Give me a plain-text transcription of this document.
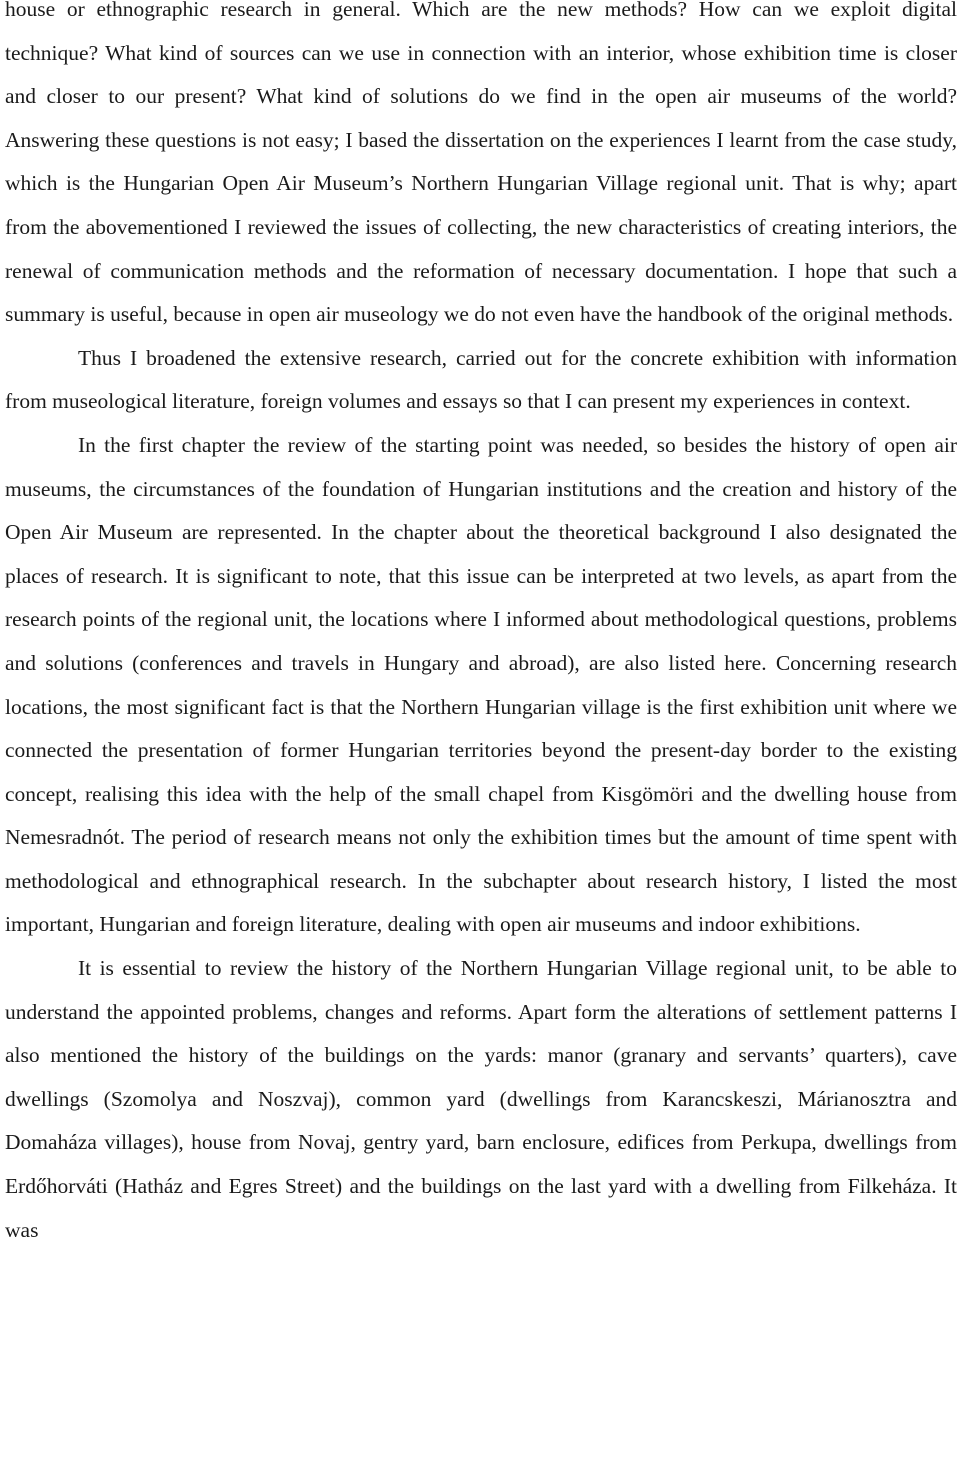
house or ethnographic research in general. Which are the new methods? How can we exploit digital technique? What kind of sources can we use in connection with an interior, whose exhibition time is closer and closer to our present? What kind of solutions do we find in the open air museums of the world? Answering these questions is not easy; I based the dissertation on the experiences I learnt from the case study, which is the Hungarian Open Air Museum’s Northern Hungarian Village regional unit. That is why; apart from the abovementioned I reviewed the issues of collecting, the new characteristics of creating interiors, the renewal of communication methods and the reformation of necessary documentation. I hope that such a summary is useful, because in open air museology we do not even have the handbook of the original methods.

Thus I broadened the extensive research, carried out for the concrete exhibition with information from museological literature, foreign volumes and essays so that I can present my experiences in context.

In the first chapter the review of the starting point was needed, so besides the history of open air museums, the circumstances of the foundation of Hungarian institutions and the creation and history of the Open Air Museum are represented. In the chapter about the theoretical background I also designated the places of research. It is significant to note, that this issue can be interpreted at two levels, as apart from the research points of the regional unit, the locations where I informed about methodological questions, problems and solutions (conferences and travels in Hungary and abroad), are also listed here. Concerning research locations, the most significant fact is that the Northern Hungarian village is the first exhibition unit where we connected the presentation of former Hungarian territories beyond the present-day border to the existing concept, realising this idea with the help of the small chapel from Kisgömöri and the dwelling house from Nemesradnót. The period of research means not only the exhibition times but the amount of time spent with methodological and ethnographical research. In the subchapter about research history, I listed the most important, Hungarian and foreign literature, dealing with open air museums and indoor exhibitions.

It is essential to review the history of the Northern Hungarian Village regional unit, to be able to understand the appointed problems, changes and reforms. Apart form the alterations of settlement patterns I also mentioned the history of the buildings on the yards: manor (granary and servants’ quarters), cave dwellings (Szomolya and Noszvaj), common yard (dwellings from Karancskeszi, Márianosztra and Domaháza villages), house from Novaj, gentry yard, barn enclosure, edifices from Perkupa, dwellings from Erdőhorváti (Hatház and Egres Street) and the buildings on the last yard with a dwelling from Filkeháza. It was
